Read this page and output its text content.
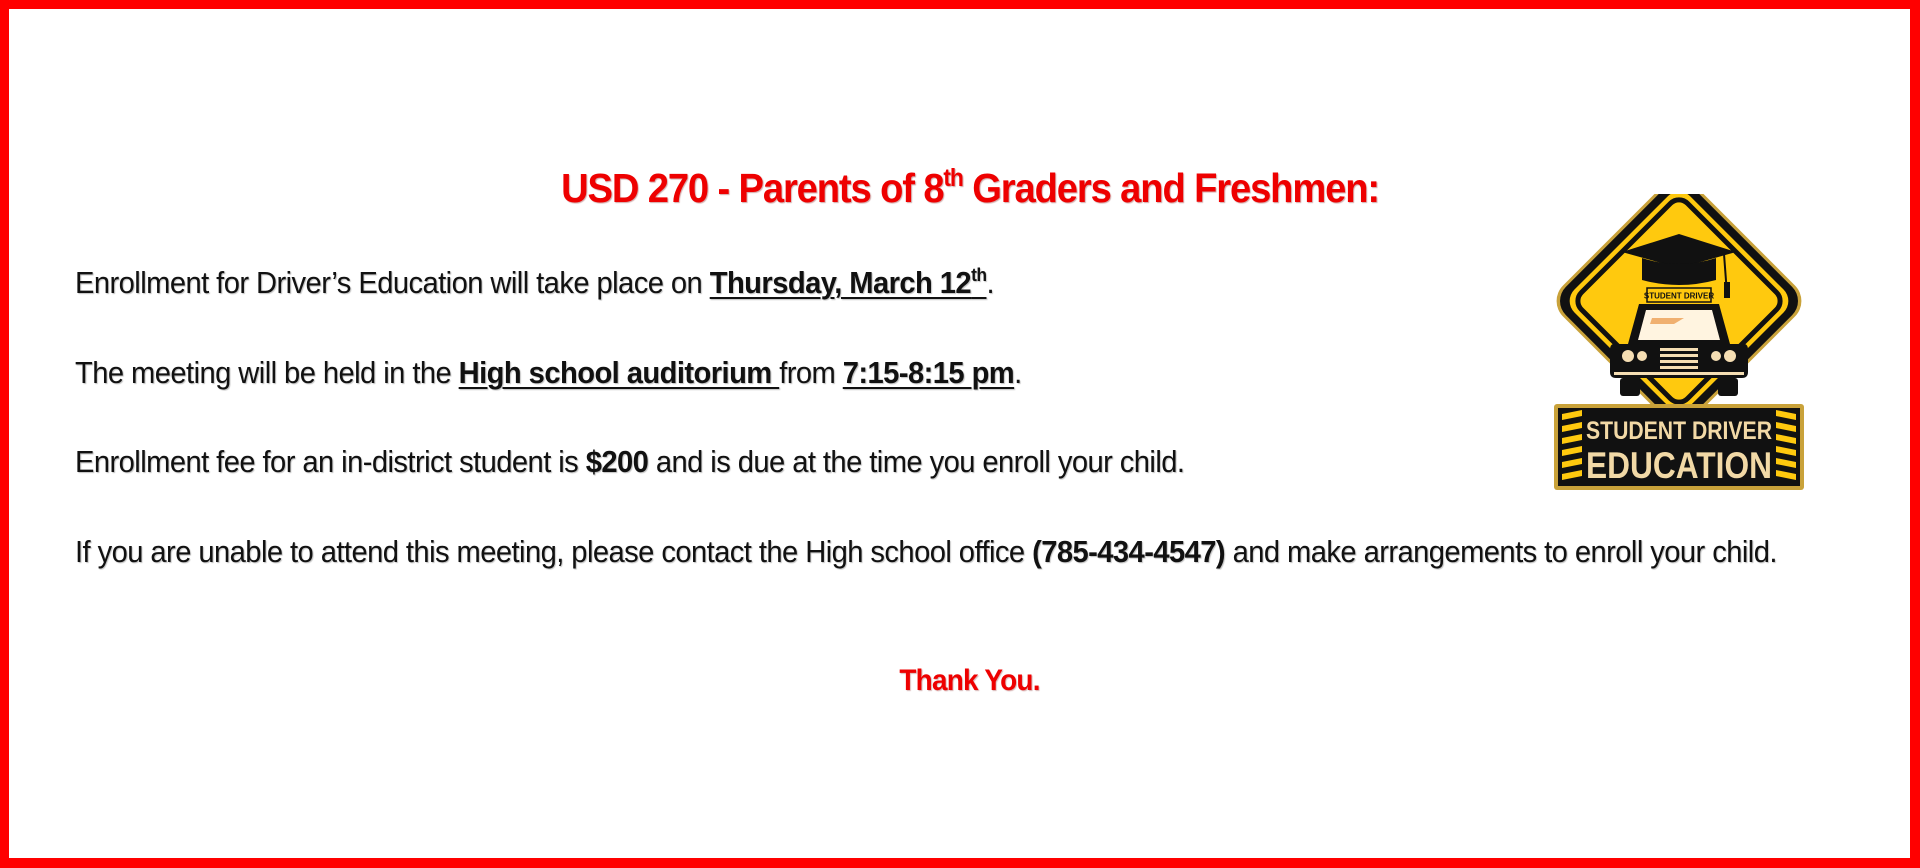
USD 270 - Parents of 8th Graders and Freshmen:
Enrollment for Driver’s Education will take place on Thursday, March 12th.
The meeting will be held in the High school auditorium from 7:15-8:15 pm.
Enrollment fee for an in-district student is $200 and is due at the time you enroll your child.
If you are unable to attend this meeting, please contact the High school office (785-434-4547) and make arrangements to enroll your child.
Thank You.
STUDENT DRIVER
STUDENT DRIVER
EDUCATION
